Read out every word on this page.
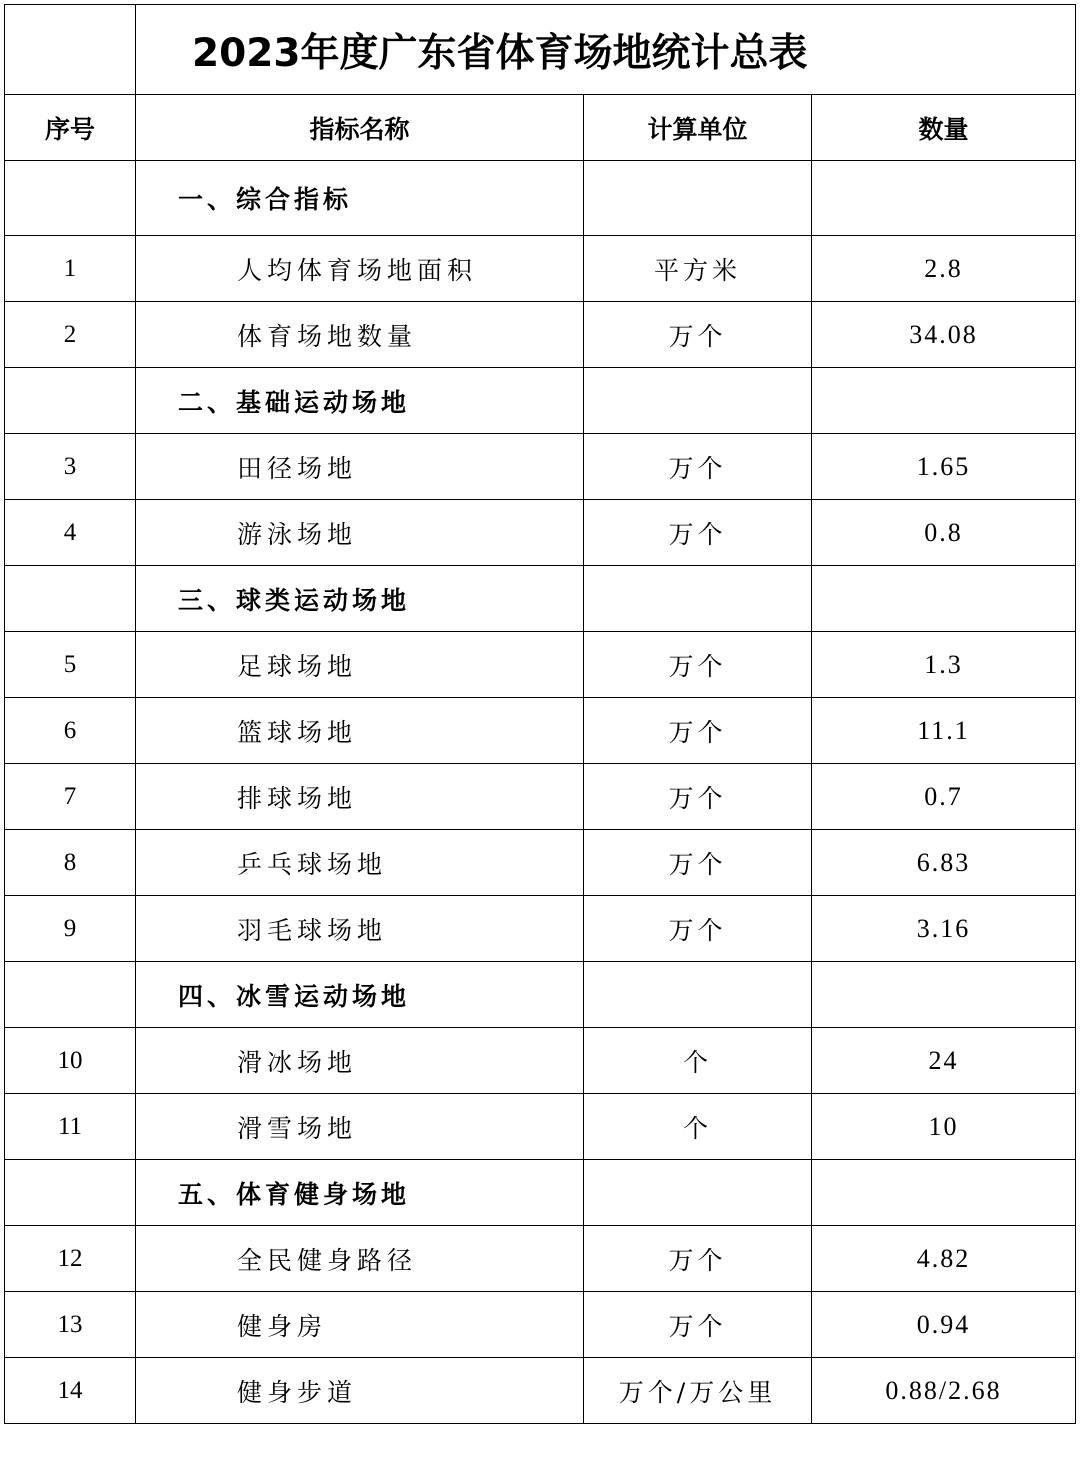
	2023年度广东省体育场地统计总表		
序号	指标名称	计算单位	数量
	一、综合指标		
1	人均体育场地面积	平方米	2.8
2	体育场地数量	万个	34.08
	二、基础运动场地		
3	田径场地	万个	1.65
4	游泳场地	万个	0.8
	三、球类运动场地		
5	足球场地	万个	1.3
6	篮球场地	万个	11.1
7	排球场地	万个	0.7
8	乒乓球场地	万个	6.83
9	羽毛球场地	万个	3.16
	四、冰雪运动场地		
10	滑冰场地	个	24
11	滑雪场地	个	10
	五、体育健身场地		
12	全民健身路径	万个	4.82
13	健身房	万个	0.94
14	健身步道	万个/万公里	0.88/2.68
